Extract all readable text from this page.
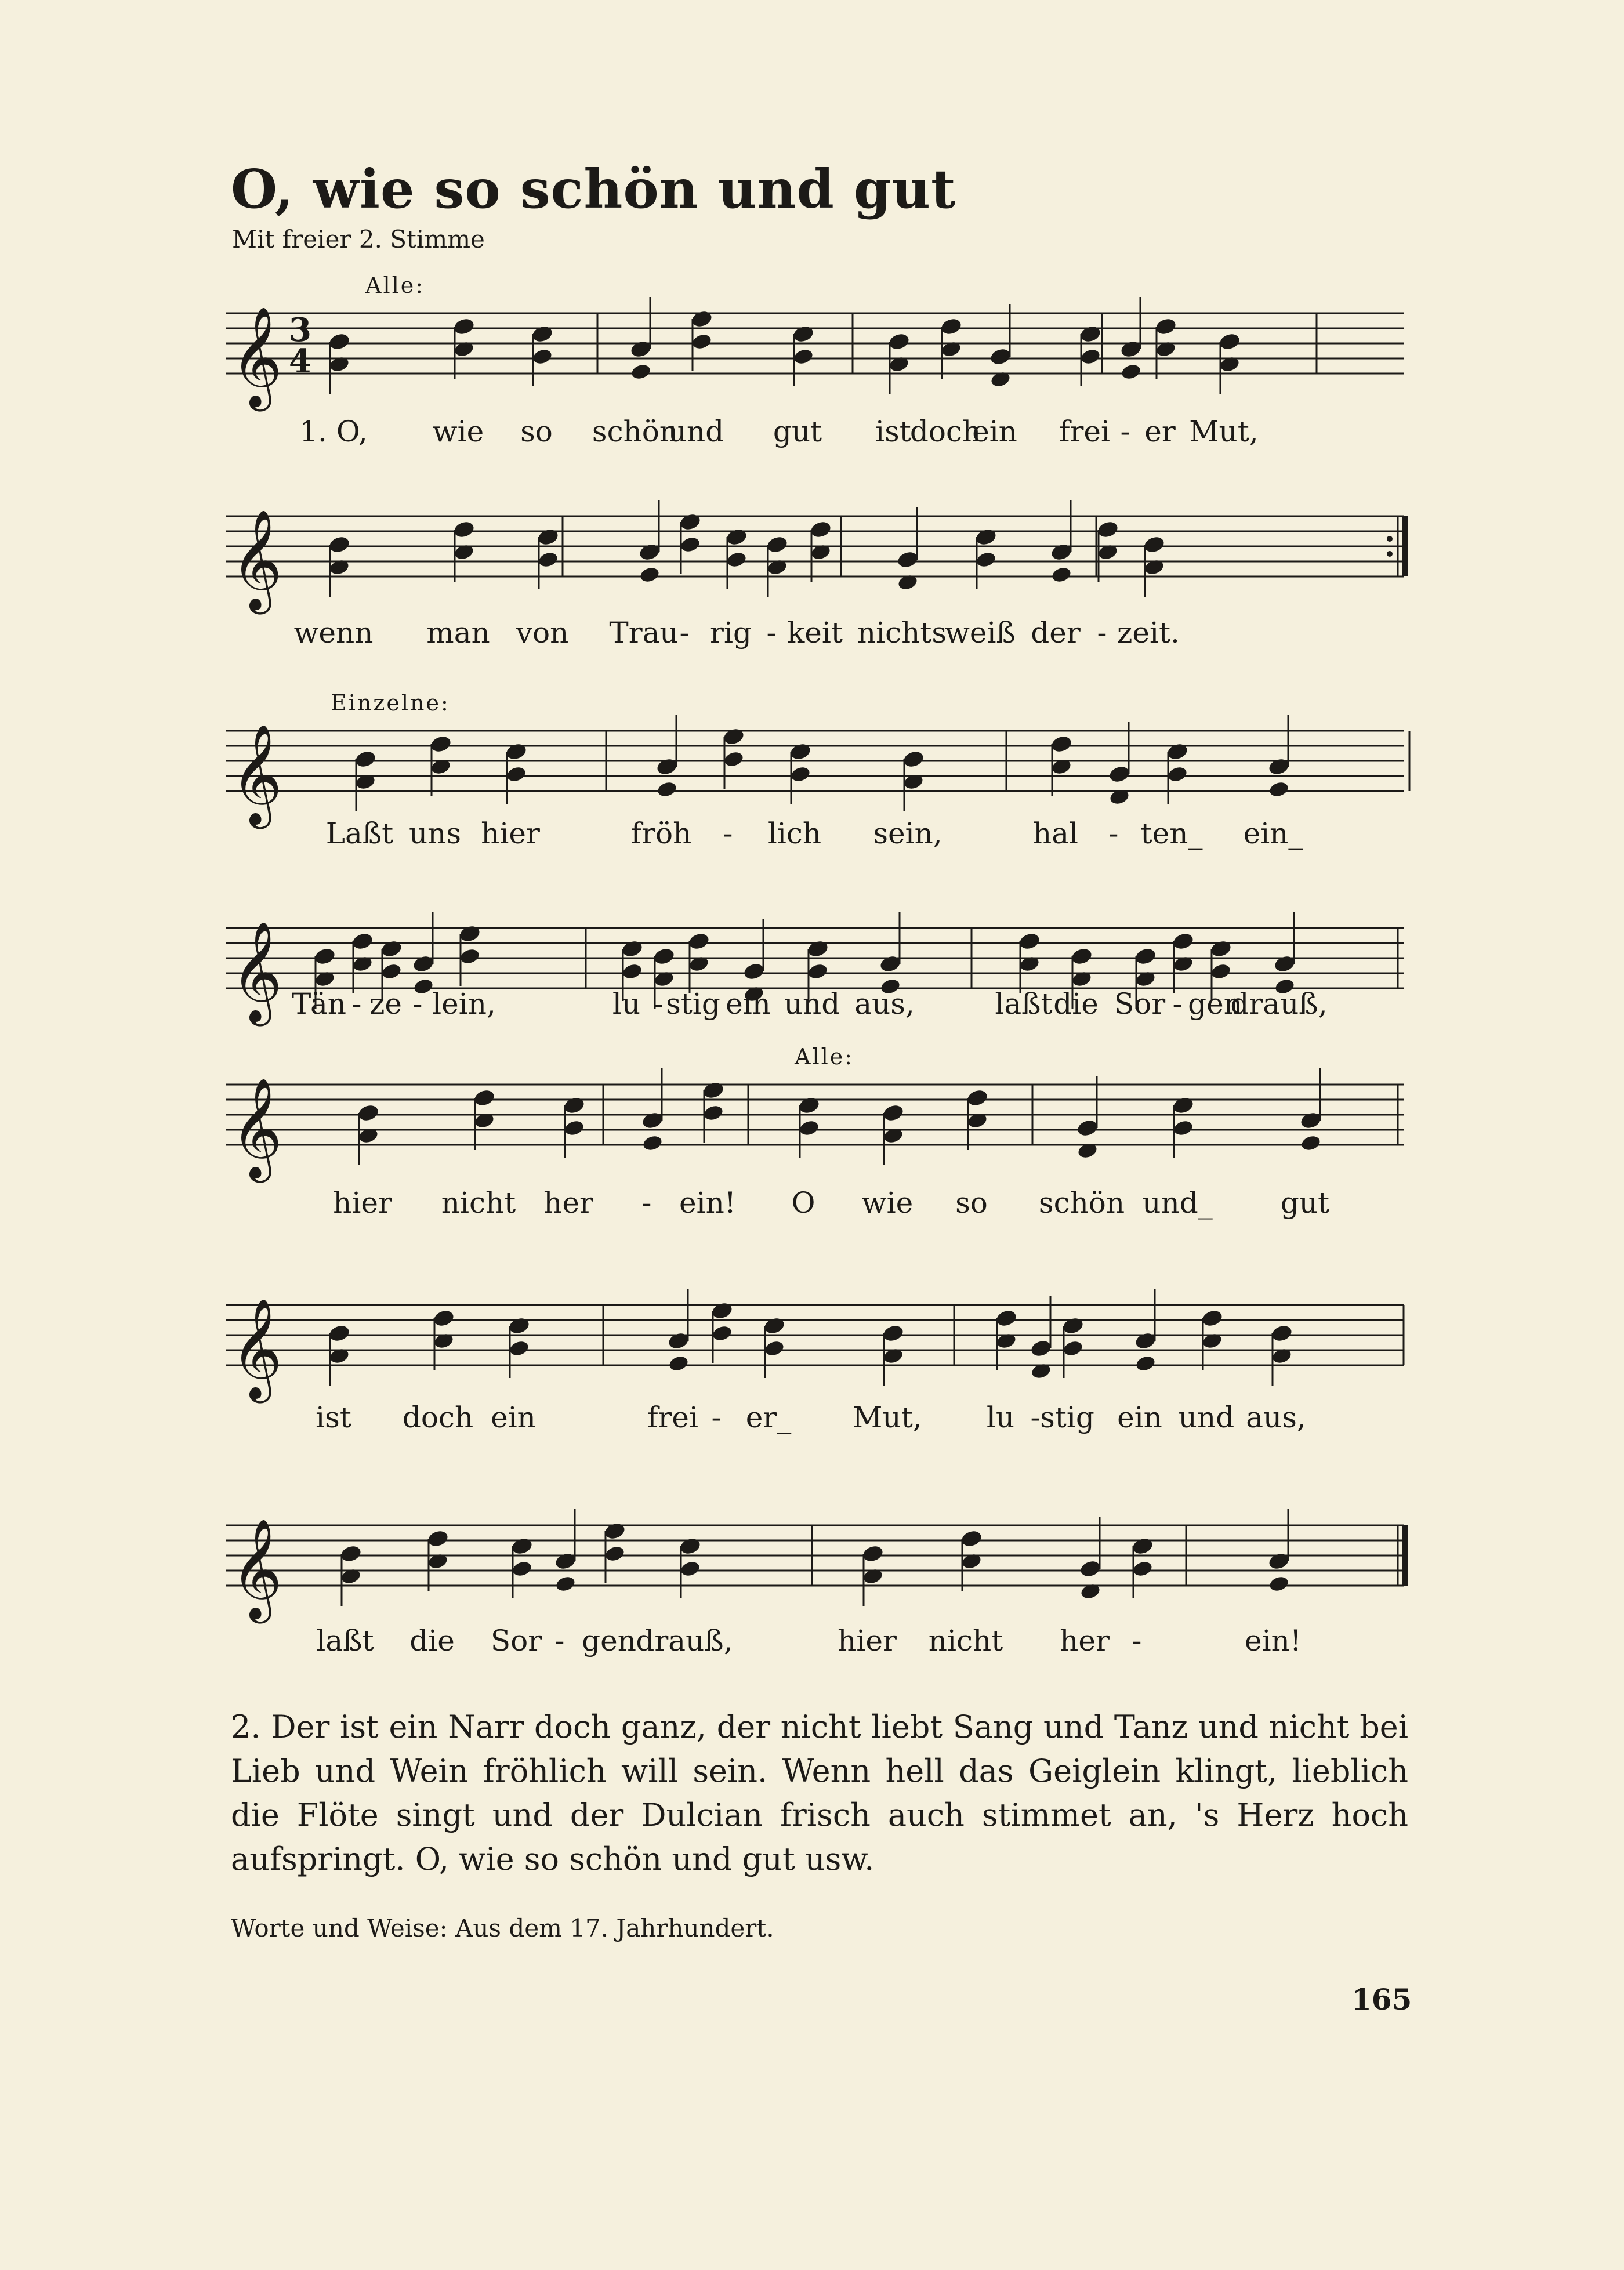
O, wie so schön und gut
Mit freier 2. Stimme
Alle:
𝄞 3
4
1. O, wie so schön
und gut ist
doch
ein frei - er Mut,
𝄞
wenn man von Trau - rig - keit nichts
weiß der - zeit.
Einzelne:
𝄞
Laßt uns hier	fröh - lich sein,	hal - ten_ ein_
𝄞 Tän - ze - lein,	lu - stig ein und aus,	laßt die Sor - gen
drauß,
Alle:
𝄞
hier nicht her - ein! O wie so schön und_ gut
𝄞
ist doch ein	frei - er_ Mut, lu - stig ein und aus,
𝄞
laßt die Sor - gen drauß,	hier nicht her -	ein!
2. Der ist ein Narr doch ganz, der nicht liebt Sang und Tanz und nicht bei Lieb und Wein fröhlich will sein. Wenn hell das Geiglein klingt, lieblich die Flöte singt und der Dulcian frisch auch stimmet an, 's Herz hoch aufspringt. O, wie so schön und gut usw.
Worte und Weise: Aus dem 17. Jahrhundert.
165
